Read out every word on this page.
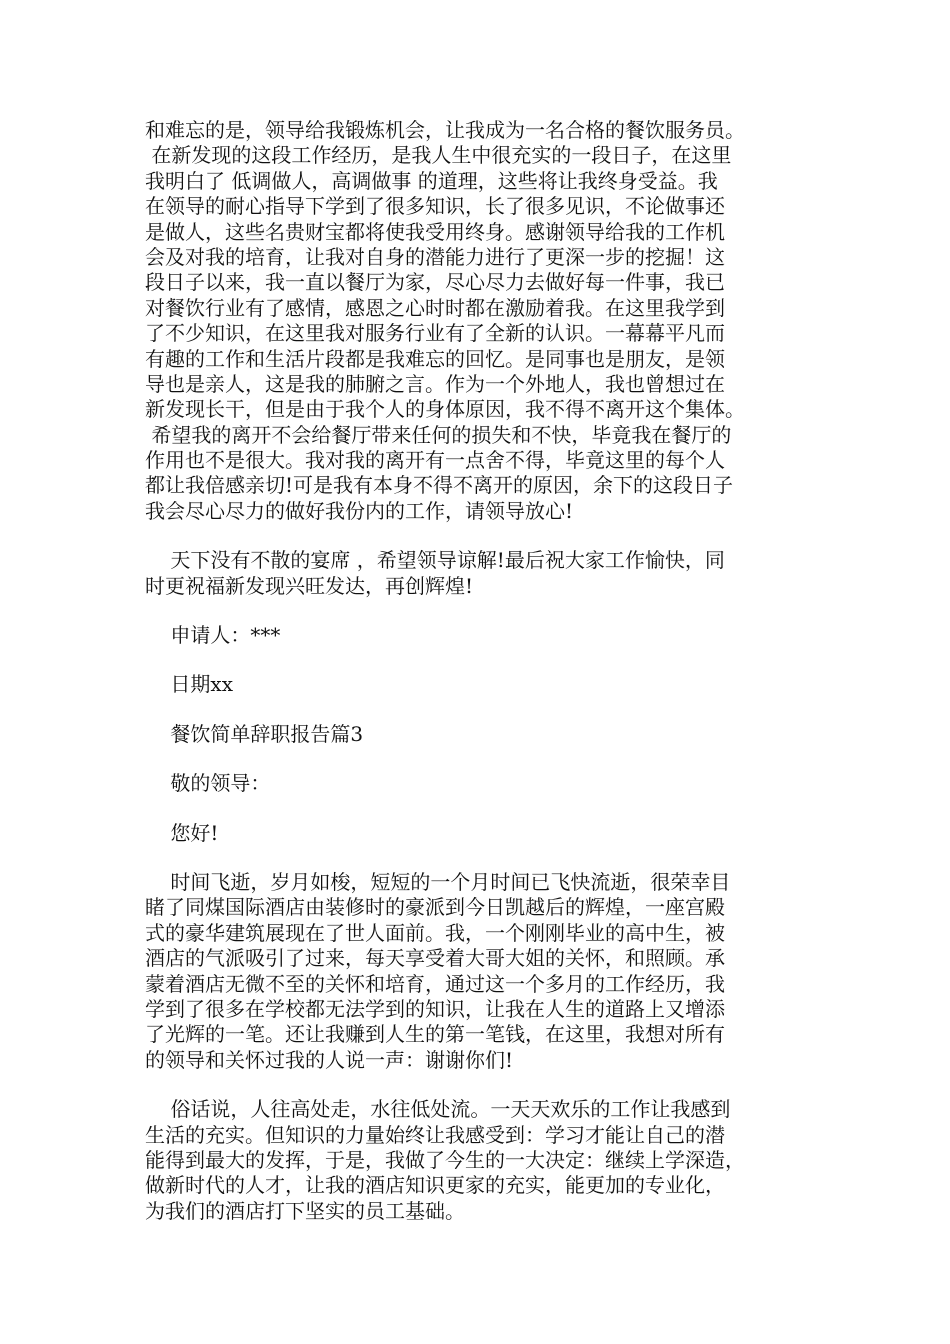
和难忘的是，领导给我锻炼机会，让我成为一名合格的餐饮服务员。
在新发现的这段工作经历，是我人生中很充实的一段日子，在这里
我明白了 低调做人，高调做事 的道理，这些将让我终身受益。我
在领导的耐心指导下学到了很多知识，长了很多见识，不论做事还
是做人，这些名贵财宝都将使我受用终身。感谢领导给我的工作机
会及对我的培育，让我对自身的潜能力进行了更深一步的挖掘！这
段日子以来，我一直以餐厅为家，尽心尽力去做好每一件事，我已
对餐饮行业有了感情，感恩之心时时都在激励着我。在这里我学到
了不少知识，在这里我对服务行业有了全新的认识。一幕幕平凡而
有趣的工作和生活片段都是我难忘的回忆。是同事也是朋友，是领
导也是亲人，这是我的肺腑之言。作为一个外地人，我也曾想过在
新发现长干，但是由于我个人的身体原因，我不得不离开这个集体。
希望我的离开不会给餐厅带来任何的损失和不快，毕竟我在餐厅的
作用也不是很大。我对我的离开有一点舍不得，毕竟这里的每个人
都让我倍感亲切!可是我有本身不得不离开的原因，余下的这段日子
我会尽心尽力的做好我份内的工作，请领导放心!
天下没有不散的宴席 ，希望领导谅解!最后祝大家工作愉快，同
时更祝福新发现兴旺发达，再创辉煌!
申请人：***
日期xx
餐饮简单辞职报告篇3
敬的领导：
您好!
时间飞逝，岁月如梭，短短的一个月时间已飞快流逝，很荣幸目
睹了同煤国际酒店由装修时的豪派到今日凯越后的辉煌，一座宫殿
式的豪华建筑展现在了世人面前。我，一个刚刚毕业的高中生，被
酒店的气派吸引了过来，每天享受着大哥大姐的关怀，和照顾。承
蒙着酒店无微不至的关怀和培育，通过这一个多月的工作经历，我
学到了很多在学校都无法学到的知识，让我在人生的道路上又增添
了光辉的一笔。还让我赚到人生的第一笔钱，在这里，我想对所有
的领导和关怀过我的人说一声：谢谢你们!
俗话说，人往高处走，水往低处流。一天天欢乐的工作让我感到
生活的充实。但知识的力量始终让我感受到：学习才能让自己的潜
能得到最大的发挥，于是，我做了今生的一大决定：继续上学深造，
做新时代的人才，让我的酒店知识更家的充实，能更加的专业化，
为我们的酒店打下坚实的员工基础。
